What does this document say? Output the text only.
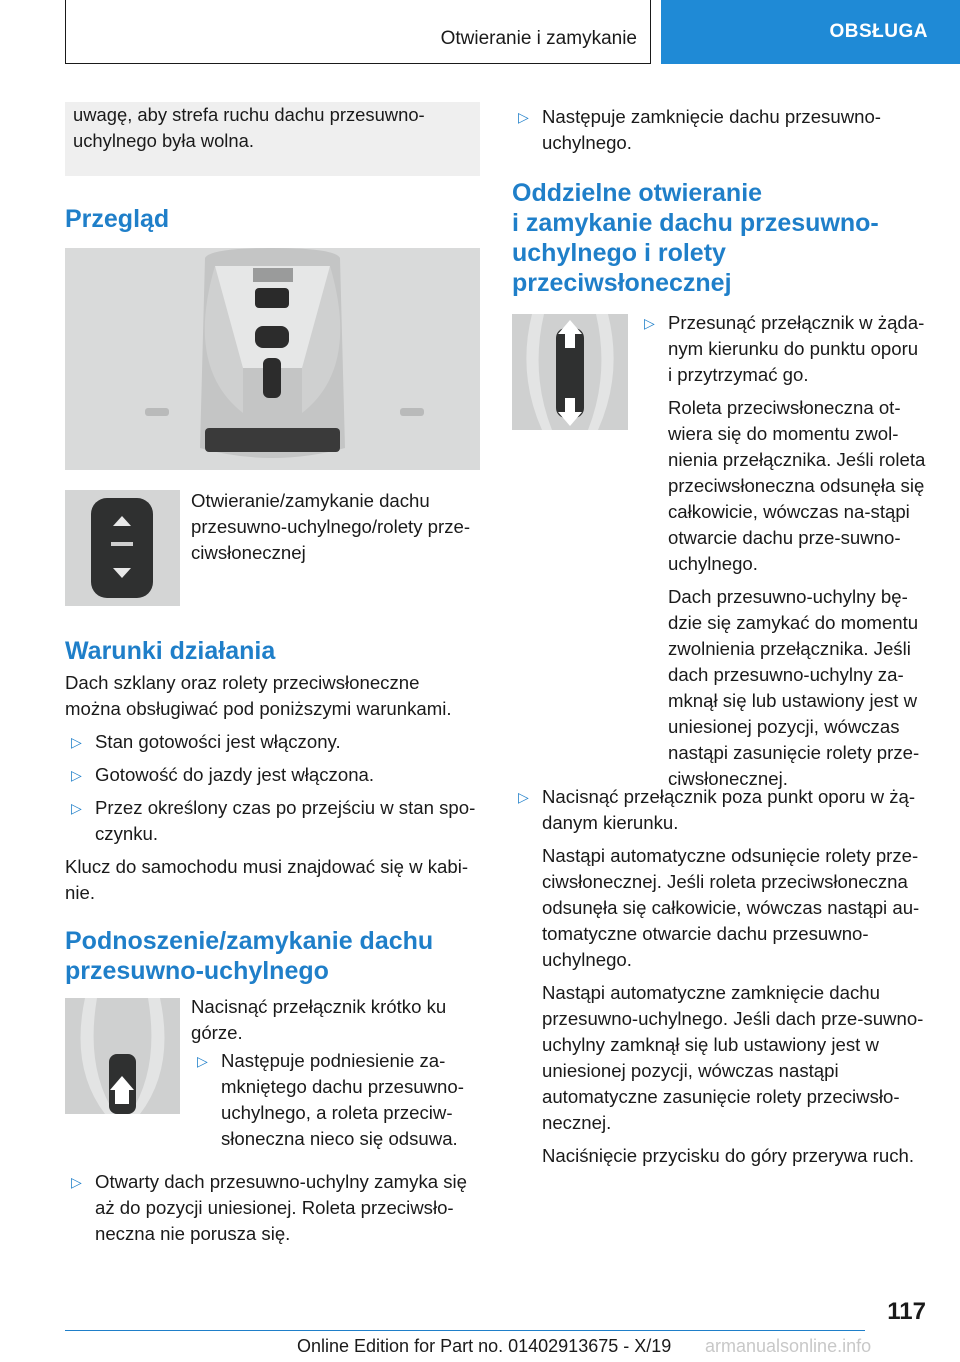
Otwieranie i zamykanie	OBSŁUGA

uwagę, aby strefa ruchu dachu przesuwno-uchylnego była wolna.

Przegląd

Otwieranie/zamykanie dachu przesuwno-uchylnego/rolety prze-ciwsłonecznej

Warunki działania

Dach szklany oraz rolety przeciwsłoneczne można obsługiwać pod poniższymi warunkami.

▷ Stan gotowości jest włączony.
▷ Gotowość do jazdy jest włączona.
▷ Przez określony czas po przejściu w stan spo-czynku.

Klucz do samochodu musi znajdować się w kabi-nie.

Podnoszenie/zamykanie dachu
przesuwno-uchylnego

Nacisnąć przełącznik krótko ku górze.

▷ Następuje podniesienie za-mkniętego dachu przesuwno-uchylnego, a roleta przeciw-słoneczna nieco się odsuwa.
▷ Otwarty dach przesuwno-uchylny zamyka się aż do pozycji uniesionej. Roleta przeciwsło-neczna nie porusza się.
▷ Następuje zamknięcie dachu przesuwno-uchylnego.
Oddzielne otwieranie
i zamykanie dachu przesuwno-
uchylnego i rolety
przeciwsłonecznej
▷ Przesunąć przełącznik w żąda-nym kierunku do punktu oporu i przytrzymać go.

Roleta przeciwsłoneczna ot-wiera się do momentu zwol-nienia przełącznika. Jeśli roleta przeciwsłoneczna odsunęła się całkowicie, wówczas na-stąpi otwarcie dachu prze-suwno-uchylnego.

Dach przesuwno-uchylny bę-dzie się zamykać do momentu zwolnienia przełącznika. Jeśli dach przesuwno-uchylny za-mknął się lub ustawiony jest w uniesionej pozycji, wówczas nastąpi zasunięcie rolety prze-ciwsłonecznej.

▷ Nacisnąć przełącznik poza punkt oporu w żą-danym kierunku.

Nastąpi automatyczne odsunięcie rolety prze-ciwsłonecznej. Jeśli roleta przeciwsłoneczna odsunęła się całkowicie, wówczas nastąpi au-tomatyczne otwarcie dachu przesuwno-uchylnego.

Nastąpi automatyczne zamknięcie dachu przesuwno-uchylnego. Jeśli dach prze-suwno-uchylny zamknął się lub ustawiony jest w uniesionej pozycji, wówczas nastąpi automatyczne zasunięcie rolety przeciwsło-necznej.

Naciśnięcie przycisku do góry przerywa ruch.

117
Online Edition for Part no. 01402913675 - X/19 armanualsonline.info
